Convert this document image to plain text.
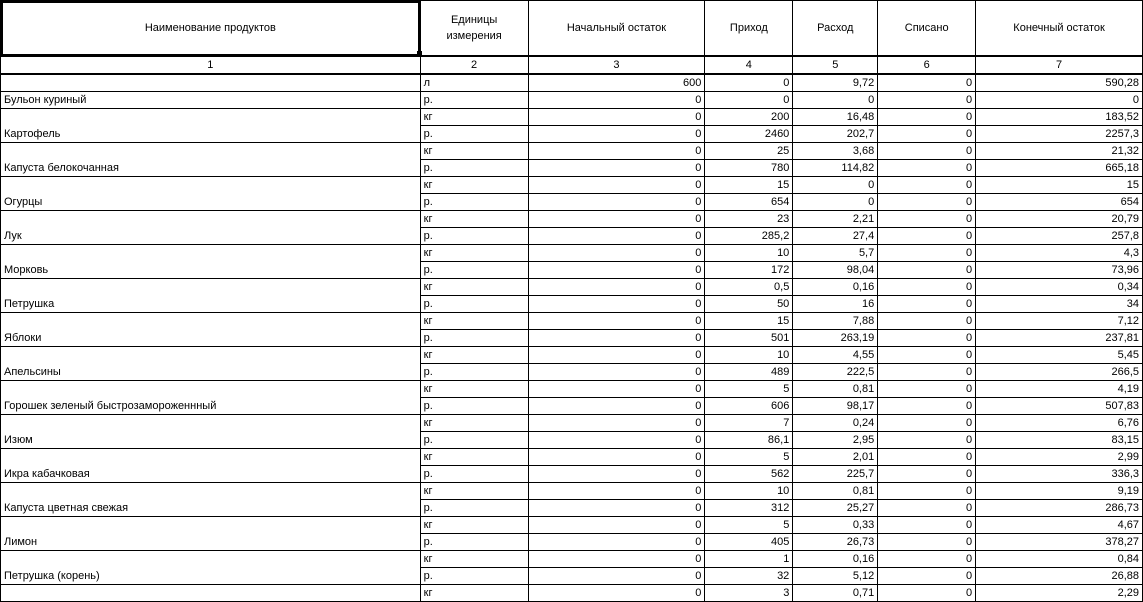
Наименование продуктов	Единицы измерения	Начальный остаток	Приход	Расход	Списано	Конечный остаток
1	2	3	4	5	6	7
	л	600	0	9,72	0	590,28
Бульон куриный	р.	0	0	0	0	0
Картофель	кг	0	200	16,48	0	183,52
	р.	0	2460	202,7	0	2257,3
Капуста белокочанная	кг	0	25	3,68	0	21,32
	р.	0	780	114,82	0	665,18
Огурцы	кг	0	15	0	0	15
	р.	0	654	0	0	654
Лук	кг	0	23	2,21	0	20,79
	р.	0	285,2	27,4	0	257,8
Морковь	кг	0	10	5,7	0	4,3
	р.	0	172	98,04	0	73,96
Петрушка	кг	0	0,5	0,16	0	0,34
	р.	0	50	16	0	34
Яблоки	кг	0	15	7,88	0	7,12
	р.	0	501	263,19	0	237,81
Апельсины	кг	0	10	4,55	0	5,45
	р.	0	489	222,5	0	266,5
Горошек зеленый быстрозамороженнный	кг	0	5	0,81	0	4,19
	р.	0	606	98,17	0	507,83
Изюм	кг	0	7	0,24	0	6,76
	р.	0	86,1	2,95	0	83,15
Икра кабачковая	кг	0	5	2,01	0	2,99
	р.	0	562	225,7	0	336,3
Капуста цветная свежая	кг	0	10	0,81	0	9,19
	р.	0	312	25,27	0	286,73
Лимон	кг	0	5	0,33	0	4,67
	р.	0	405	26,73	0	378,27
Петрушка (корень)	кг	0	1	0,16	0	0,84
	р.	0	32	5,12	0	26,88
	кг	0	3	0,71	0	2,29
